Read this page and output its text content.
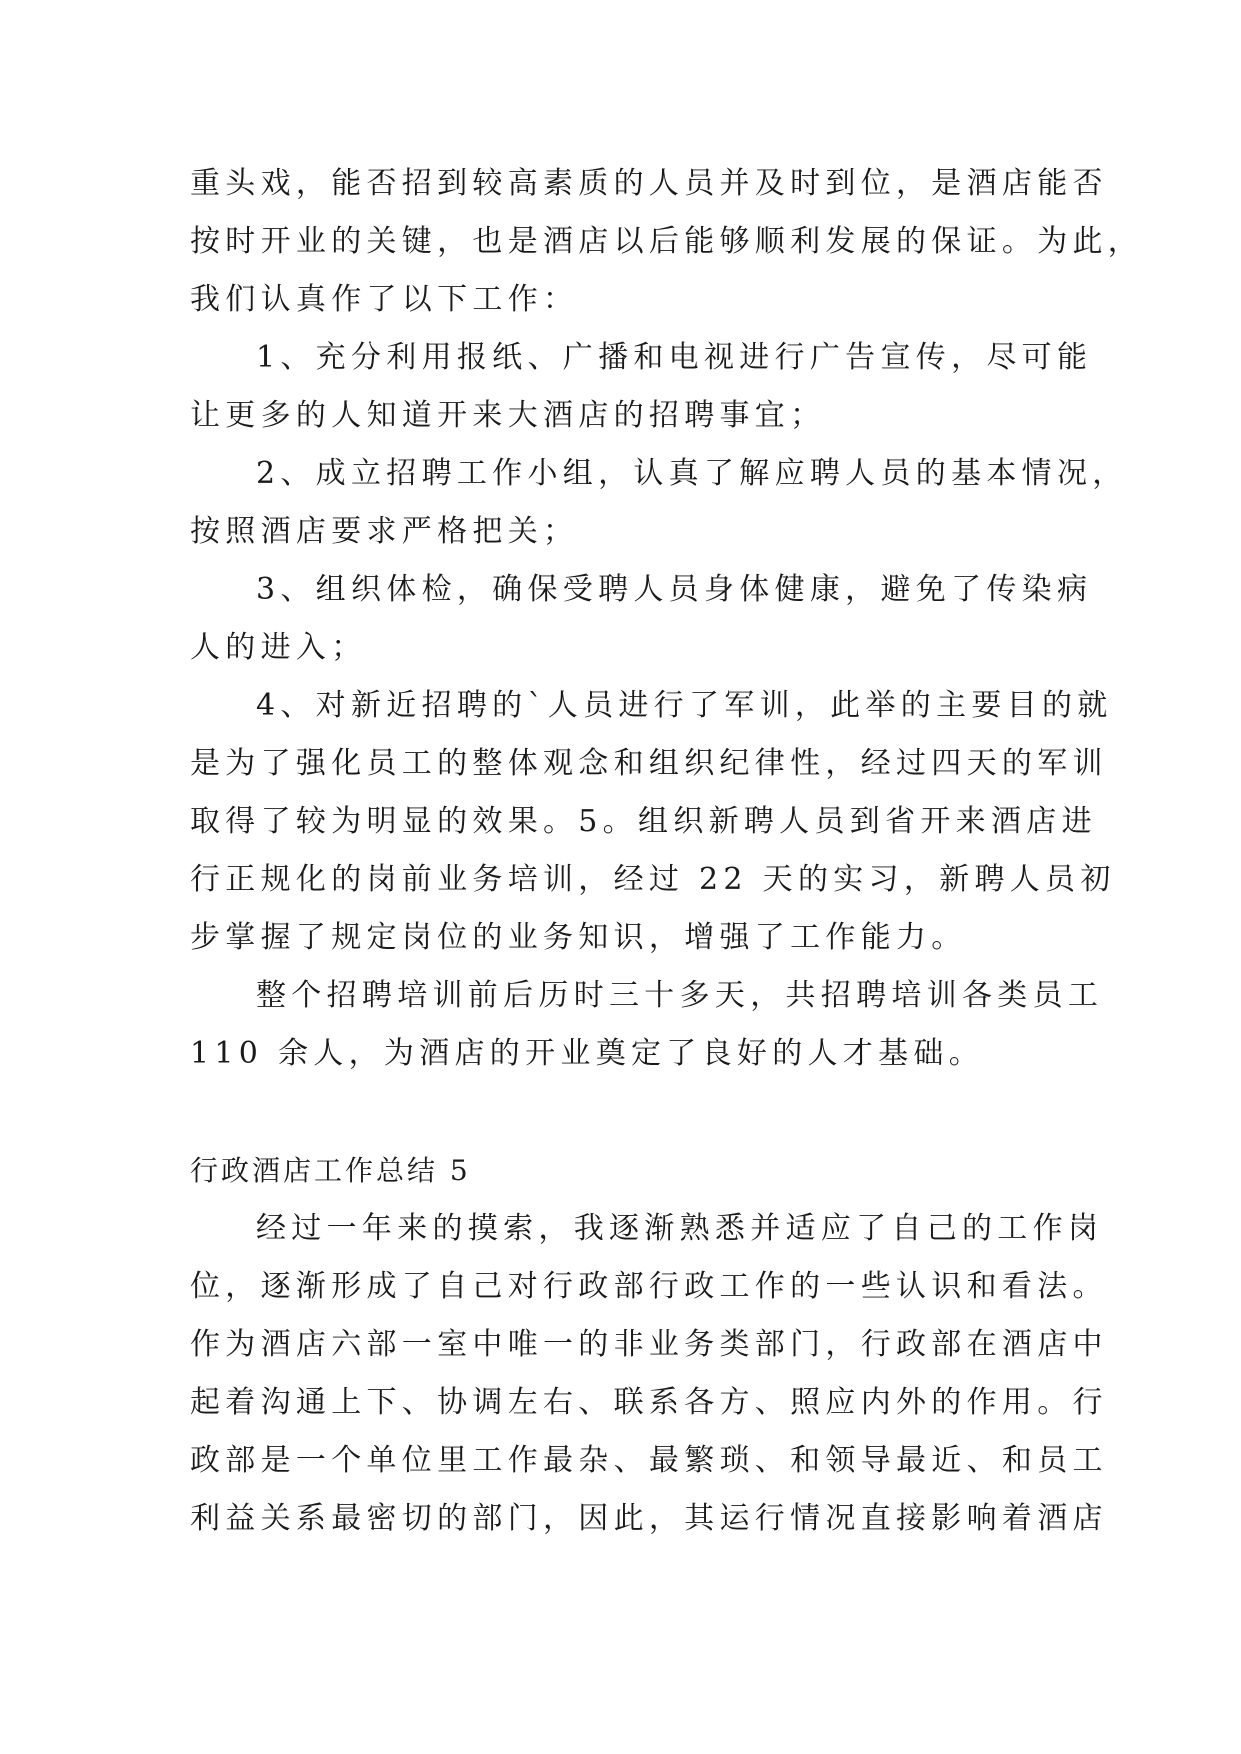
重头戏，能否招到较高素质的人员并及时到位，是酒店能否
按时开业的关键，也是酒店以后能够顺利发展的保证。为此，
我们认真作了以下工作：
1、充分利用报纸、广播和电视进行广告宣传，尽可能
让更多的人知道开来大酒店的招聘事宜；
2、成立招聘工作小组，认真了解应聘人员的基本情况，
按照酒店要求严格把关；
3、组织体检，确保受聘人员身体健康，避免了传染病
人的进入；
4、对新近招聘的`人员进行了军训，此举的主要目的就
是为了强化员工的整体观念和组织纪律性，经过四天的军训
取得了较为明显的效果。5。组织新聘人员到省开来酒店进
行正规化的岗前业务培训，经过 22 天的实习，新聘人员初
步掌握了规定岗位的业务知识，增强了工作能力。
整个招聘培训前后历时三十多天，共招聘培训各类员工
110 余人，为酒店的开业奠定了良好的人才基础。
行政酒店工作总结 5
经过一年来的摸索，我逐渐熟悉并适应了自己的工作岗
位，逐渐形成了自己对行政部行政工作的一些认识和看法。
作为酒店六部一室中唯一的非业务类部门，行政部在酒店中
起着沟通上下、协调左右、联系各方、照应内外的作用。行
政部是一个单位里工作最杂、最繁琐、和领导最近、和员工
利益关系最密切的部门，因此，其运行情况直接影响着酒店
